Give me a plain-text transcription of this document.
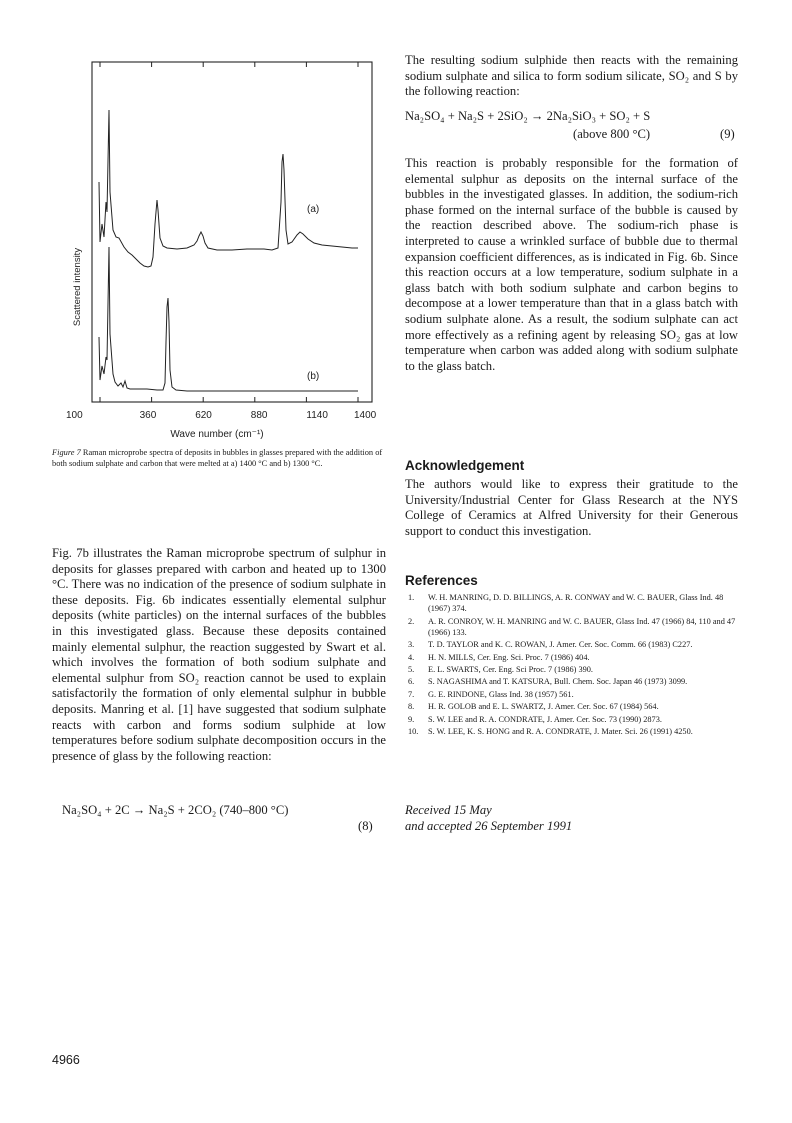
Scattered intensity
(a)
(b)
100	360	620	880	1140	1400
Wave number (cm⁻¹)

Figure 7 Raman microprobe spectra of deposits in bubbles in glasses prepared with the addition of both sodium sulphate and carbon that were melted at a) 1400 °C and b) 1300 °C.

Fig. 7b illustrates the Raman microprobe spectrum of sulphur in deposits for glasses prepared with carbon and heated up to 1300 °C. There was no indication of the presence of sodium sulphate in these deposits. Fig. 6b indicates essentially elemental sulphur deposits (white particles) on the internal surfaces of the bubbles in this investigated glass. Because these deposits contained mainly elemental sulphur, the reaction suggested by Swart et al. which involves the formation of both sodium sulphate and elemental sulphur from SO₂ reaction cannot be used to explain satisfactorily the formation of only elemental sulphur in bubble deposits. Manring et al. [1] have suggested that sodium sulphate reacts with carbon and forms sodium sulphide at low temperatures before sodium sulphate decomposition occurs in the presence of glass by the following reaction:

Na₂SO₄ + 2C → Na₂S + 2CO₂ (740–800 °C)
(8)

The resulting sodium sulphide then reacts with the remaining sodium sulphate and silica to form sodium silicate, SO₂ and S by the following reaction:

Na₂SO₄ + Na₂S + 2SiO₂ → 2Na₂SiO₃ + SO₂ + S
(above 800 °C)	(9)

This reaction is probably responsible for the formation of elemental sulphur as deposits on the internal surface of the bubbles in the investigated glasses. In addition, the sodium-rich phase formed on the internal surface of the bubble is caused by the reaction described above. The sodium-rich phase is interpreted to cause a wrinkled surface of bubble due to thermal expansion coefficient differences, as is indicated in Fig. 6b. Since this reaction occurs at a low temperature, sodium sulphate in a glass batch with both sodium sulphate and carbon begins to decompose at a lower temperature than that in a glass batch with sodium sulphate alone. As a result, the sodium sulphate can act more effectively as a refining agent by releasing SO₂ gas at low temperature when carbon was added along with sodium sulphate to the glass batch.

Acknowledgement

The authors would like to express their gratitude to the University/Industrial Center for Glass Research at the NYS College of Ceramics at Alfred University for their Generous support to conduct this investigation.

References
1. W. H. MANRING, D. D. BILLINGS, A. R. CONWAY and W. C. BAUER, Glass Ind. 48 (1967) 374.
2. A. R. CONROY, W. H. MANRING and W. C. BAUER, Glass Ind. 47 (1966) 84, 110 and 47 (1966) 133.
3. T. D. TAYLOR and K. C. ROWAN, J. Amer. Cer. Soc. Comm. 66 (1983) C227.
4. H. N. MILLS, Cer. Eng. Sci. Proc. 7 (1986) 404.
5. E. L. SWARTS, Cer. Eng. Sci Proc. 7 (1986) 390.
6. S. NAGASHIMA and T. KATSURA, Bull. Chem. Soc. Japan 46 (1973) 3099.
7. G. E. RINDONE, Glass Ind. 38 (1957) 561.
8. H. R. GOLOB and E. L. SWARTZ, J. Amer. Cer. Soc. 67 (1984) 564.
9. S. W. LEE and R. A. CONDRATE, J. Amer. Cer. Soc. 73 (1990) 2873.
10. S. W. LEE, K. S. HONG and R. A. CONDRATE, J. Mater. Sci. 26 (1991) 4250.
Received 15 May
and accepted 26 September 1991
4966
